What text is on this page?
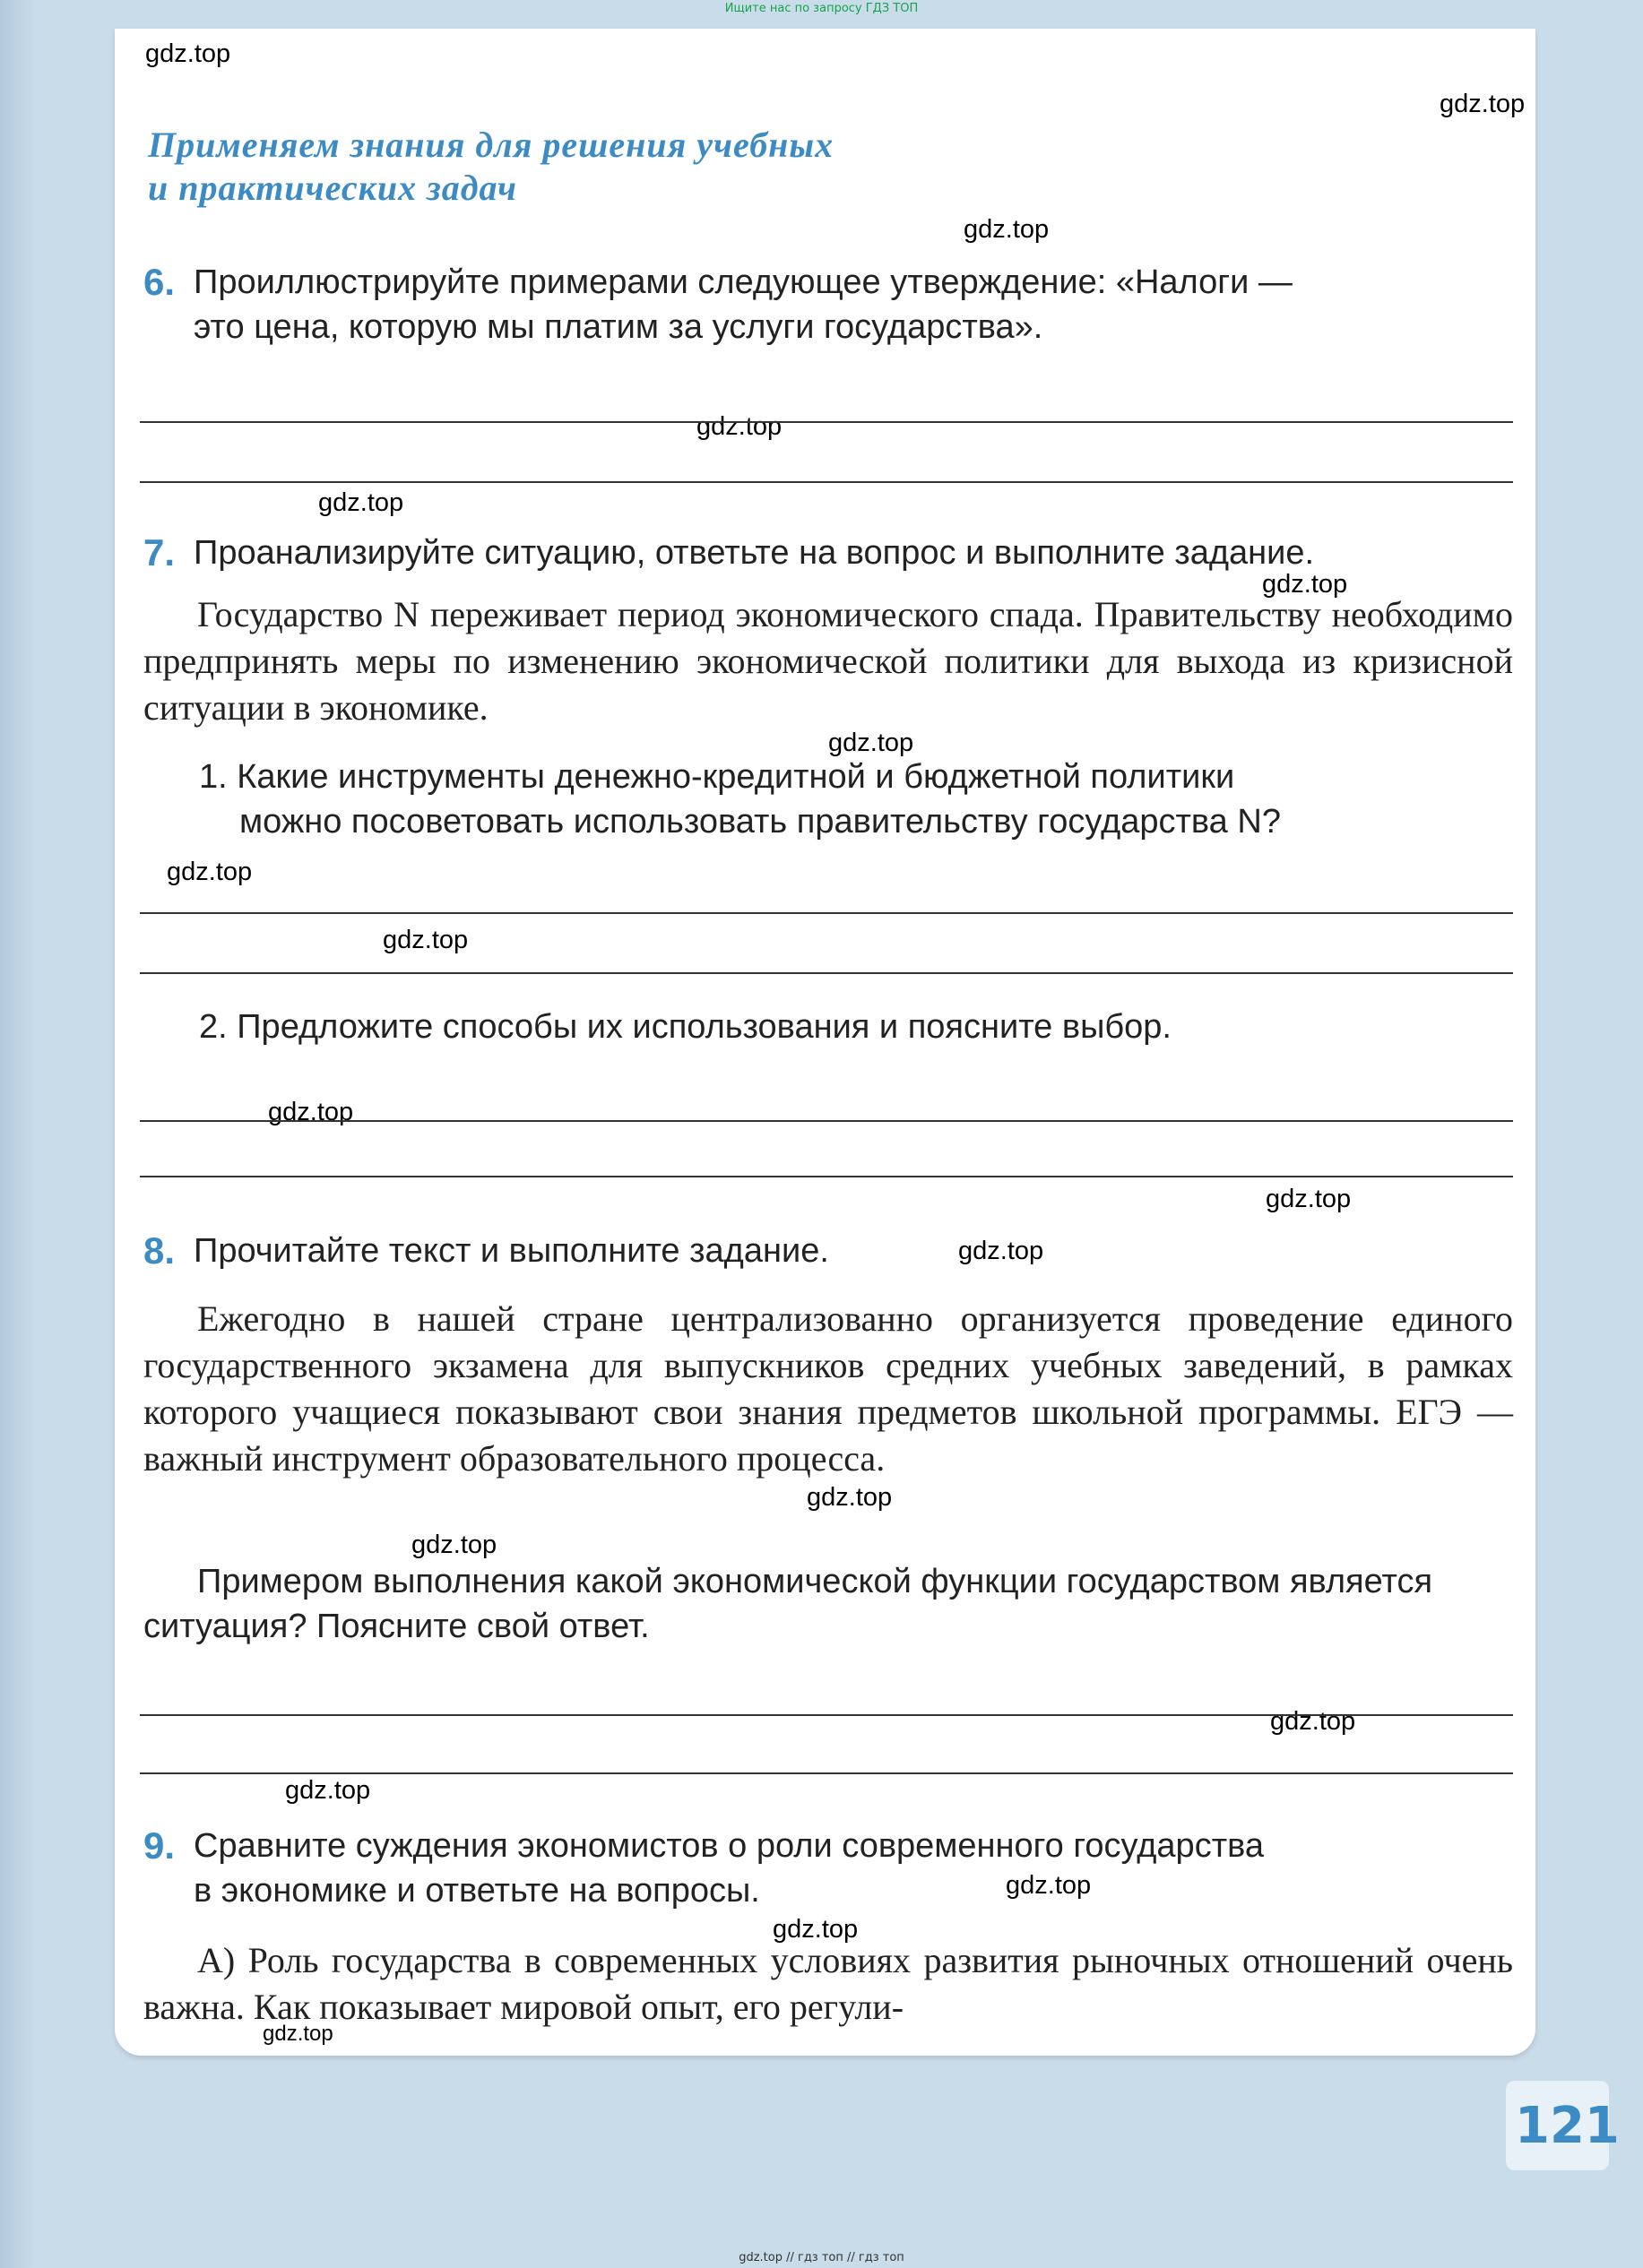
Ищите нас по запросу ГДЗ ТОП
gdz.top
gdz.top
gdz.top
gdz.top
gdz.top
gdz.top
gdz.top
gdz.top
gdz.top
gdz.top
gdz.top
gdz.top
gdz.top
gdz.top
gdz.top
gdz.top
gdz.top
gdz.top
gdz.top
Применяем знания для решения учебных
и практических задач
6. Проиллюстрируйте примерами следующее утверждение: «Налоги —
это цена, которую мы платим за услуги государства».
7. Проанализируйте ситуацию, ответьте на вопрос и выполните задание.
Государство N переживает период экономического спада. Правительству необходимо предпринять меры по изменению экономической политики для выхода из кризисной ситуации в экономике.
1. Какие инструменты денежно-кредитной и бюджетной политики
можно посоветовать использовать правительству государства N?
2. Предложите способы их использования и поясните выбор.
8. Прочитайте текст и выполните задание.
Ежегодно в нашей стране централизованно организуется проведение единого государственного экзамена для выпускников средних учебных заведений, в рамках которого учащиеся показывают свои знания предметов школьной программы. ЕГЭ — важный инструмент образовательного процесса.
Примером выполнения какой экономической функции государством является ситуация? Поясните свой ответ.
9. Сравните суждения экономистов о роли современного государства
в экономике и ответьте на вопросы.
А) Роль государства в современных условиях развития рыночных отношений очень важна. Как показывает мировой опыт, его регули-
121
gdz.top // гдз топ // гдз топ
